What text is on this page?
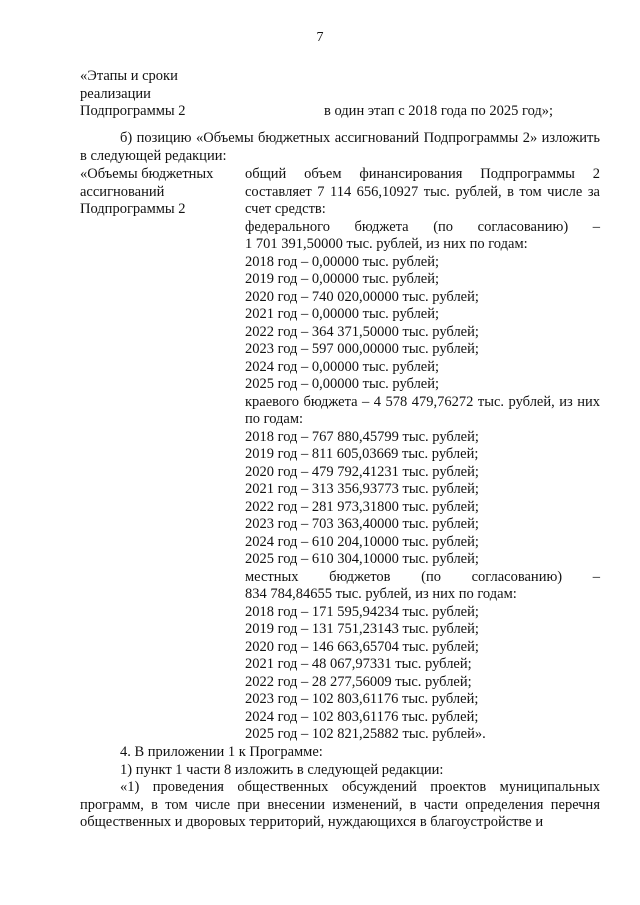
7
«Этапы и сроки
реализации
Подпрограммы 2	в один этап с 2018 года по 2025 год»;
б) позицию «Объемы бюджетных ассигнований Подпрограммы 2» изложить в следующей редакции:
«Объемы бюджетных
ассигнований
Подпрограммы 2
общий объем финансирования Подпрограммы 2 составляет 7 114 656,10927 тыс. рублей, в том числе за счет средств:
федерального бюджета (по согласованию) –
1 701 391,50000 тыс. рублей, из них по годам:
2018 год – 0,00000 тыс. рублей;
2019 год – 0,00000 тыс. рублей;
2020 год – 740 020,00000 тыс. рублей;
2021 год – 0,00000 тыс. рублей;
2022 год – 364 371,50000 тыс. рублей;
2023 год – 597 000,00000 тыс. рублей;
2024 год – 0,00000 тыс. рублей;
2025 год – 0,00000 тыс. рублей;
краевого бюджета – 4 578 479,76272 тыс. рублей, из них по годам:
2018 год – 767 880,45799 тыс. рублей;
2019 год – 811 605,03669 тыс. рублей;
2020 год – 479 792,41231 тыс. рублей;
2021 год – 313 356,93773 тыс. рублей;
2022 год – 281 973,31800 тыс. рублей;
2023 год – 703 363,40000 тыс. рублей;
2024 год – 610 204,10000 тыс. рублей;
2025 год – 610 304,10000 тыс. рублей;
местных бюджетов (по согласованию) –
834 784,84655 тыс. рублей, из них по годам:
2018 год – 171 595,94234 тыс. рублей;
2019 год – 131 751,23143 тыс. рублей;
2020 год – 146 663,65704 тыс. рублей;
2021 год – 48 067,97331 тыс. рублей;
2022 год – 28 277,56009 тыс. рублей;
2023 год – 102 803,61176 тыс. рублей;
2024 год – 102 803,61176 тыс. рублей;
2025 год – 102 821,25882 тыс. рублей».
4. В приложении 1 к Программе:
1) пункт 1 части 8 изложить в следующей редакции:
«1) проведения общественных обсуждений проектов муниципальных программ, в том числе при внесении изменений, в части определения перечня общественных и дворовых территорий, нуждающихся в благоустройстве и
